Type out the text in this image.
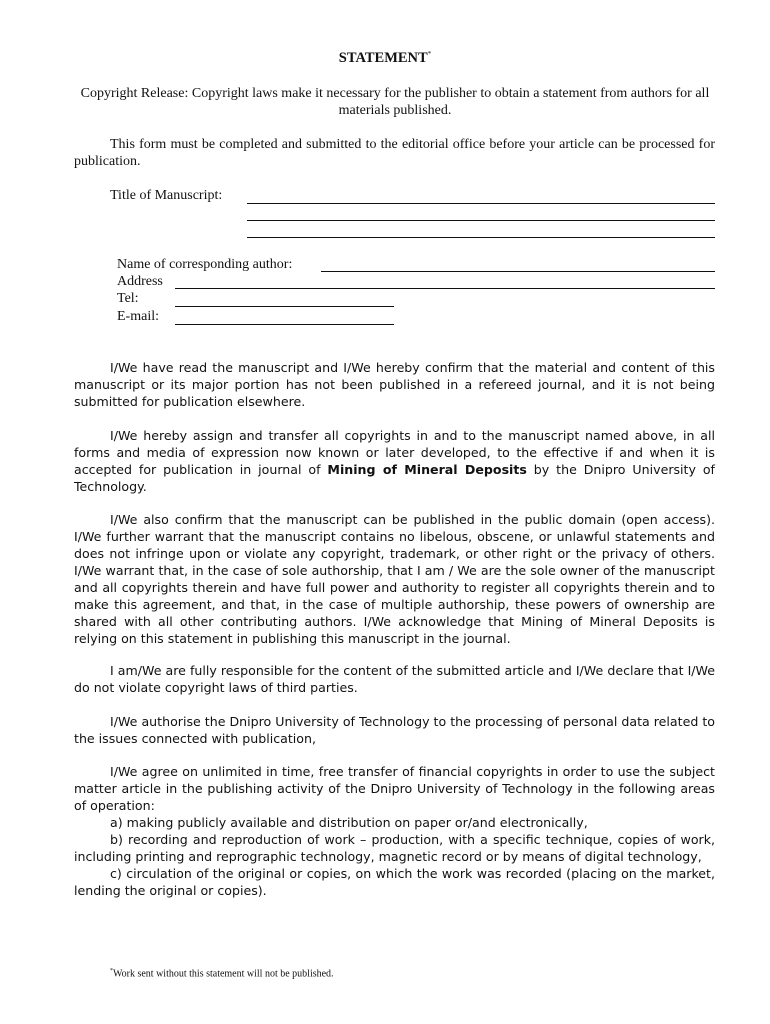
STATEMENT*
Copyright Release: Copyright laws make it necessary for the publisher to obtain a statement from authors for all materials published.
This form must be completed and submitted to the editorial office before your article can be processed for publication.
Title of Manuscript:
Name of corresponding author:
Address
Tel:
E-mail:
I/We have read the manuscript and I/We hereby confirm that the material and content of this manuscript or its major portion has not been published in a refereed journal, and it is not being submitted for publication elsewhere.
I/We hereby assign and transfer all copyrights in and to the manuscript named above, in all forms and media of expression now known or later developed, to the effective if and when it is accepted for publication in journal of Mining of Mineral Deposits by the Dnipro University of Technology.
I/We also confirm that the manuscript can be published in the public domain (open access). I/We further warrant that the manuscript contains no libelous, obscene, or unlawful statements and does not infringe upon or violate any copyright, trademark, or other right or the privacy of others. I/We warrant that, in the case of sole authorship, that I am / We are the sole owner of the manuscript and all copyrights therein and have full power and authority to register all copyrights therein and to make this agreement, and that, in the case of multiple authorship, these powers of ownership are shared with all other contributing authors. I/We acknowledge that Mining of Mineral Deposits is relying on this statement in publishing this manuscript in the journal.
I am/We are fully responsible for the content of the submitted article and I/We declare that I/We do not violate copyright laws of third parties.
I/We authorise the Dnipro University of Technology to the processing of personal data related to the issues connected with publication,
I/We agree on unlimited in time, free transfer of financial copyrights in order to use the subject matter article in the publishing activity of the Dnipro University of Technology in the following areas of operation:
a) making publicly available and distribution on paper or/and electronically,
b) recording and reproduction of work – production, with a specific technique, copies of work, including printing and reprographic technology, magnetic record or by means of digital technology,
c) circulation of the original or copies, on which the work was recorded (placing on the market, lending the original or copies).
*Work sent without this statement will not be published.
